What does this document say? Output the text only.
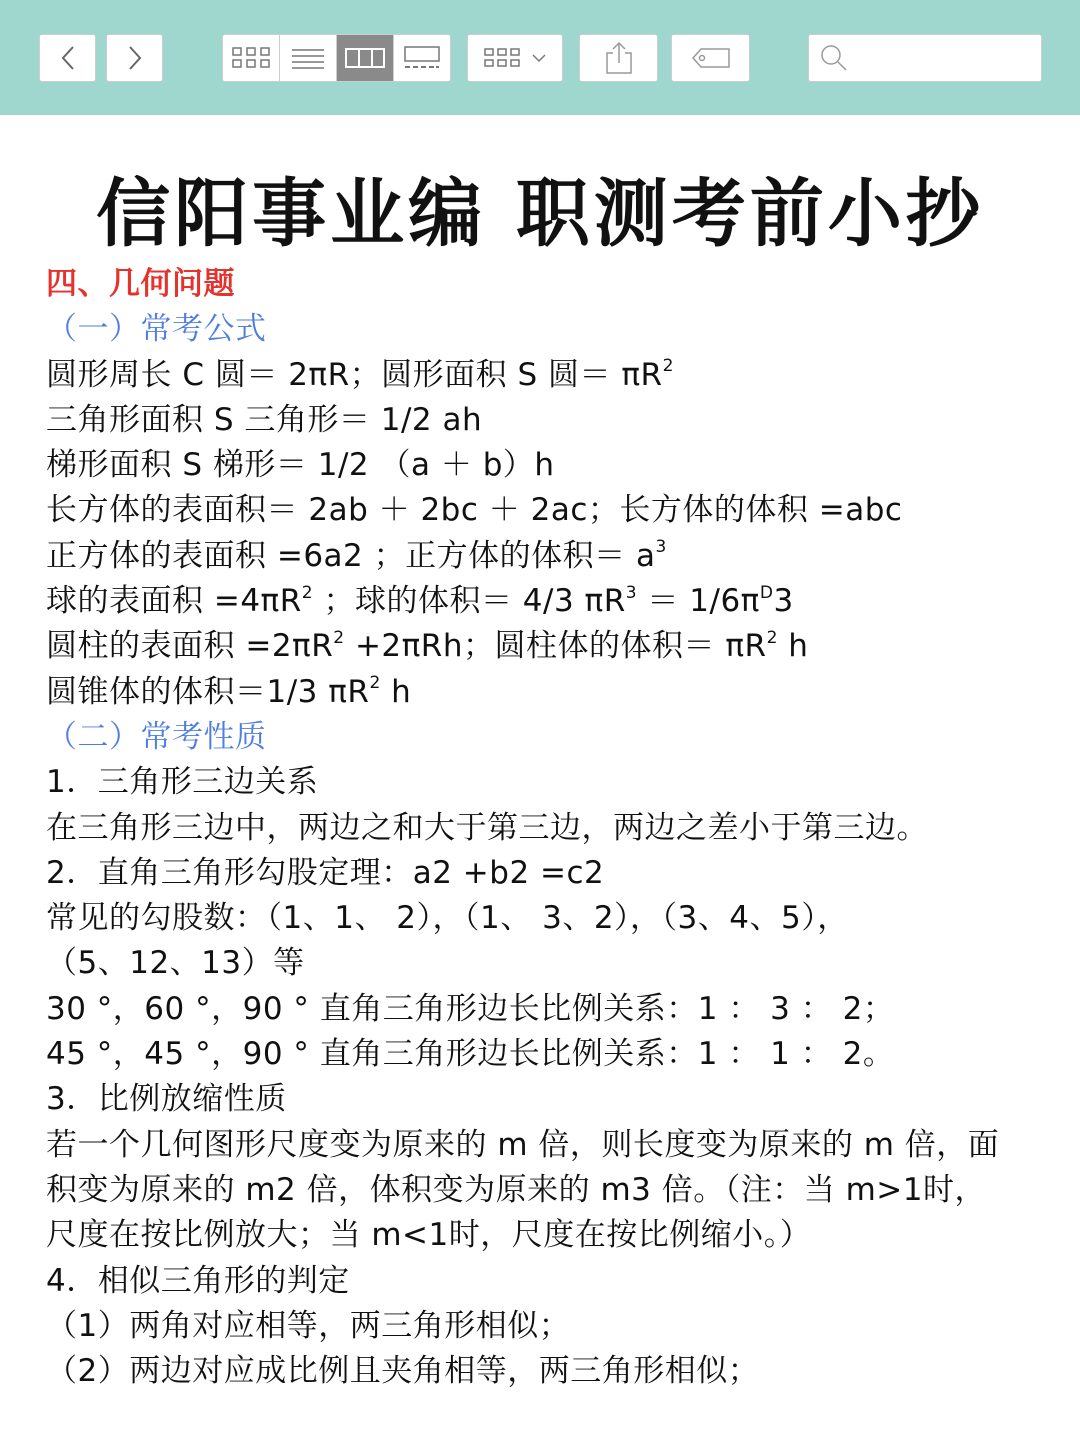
信阳事业编 职测考前小抄
四、几何问题
（一）常考公式
圆形周长 C 圆＝ 2πR；圆形面积 S 圆＝ $\pi R^2$
三角形面积 S 三角形＝ 1/2 ah
梯形面积 S 梯形＝ 1/2 （a ＋ b）h
长方体的表面积＝ 2ab ＋ 2bc ＋ 2ac；长方体的体积 =abc
正方体的表面积 =6a2 ；正方体的体积＝ $a^3$
球的表面积 $=4\pi R^2$ ；球的体积＝ 4/3 $\pi R^3 = 1/6\pi^D3$
圆柱的表面积 $=2\pi R^2 +2\pi Rh$；圆柱体的体积＝ $\pi R^2$ h
圆锥体的体积＝1/3 $\pi R^2$ h
（二）常考性质
1．三角形三边关系
在三角形三边中，两边之和大于第三边，两边之差小于第三边。
2．直角三角形勾股定理：a2 +b2 =c2
常见的勾股数：（1、1、 2），（1、 3、2），（3、4、5），
（5、12、13）等
30 °，60 °，90 ° 直角三角形边长比例关系：1 ： 3 ： 2；
45 °，45 °，90 ° 直角三角形边长比例关系：1 ： 1 ： 2。
3．比例放缩性质
若一个几何图形尺度变为原来的 m 倍，则长度变为原来的 m 倍，面
积变为原来的 m2 倍，体积变为原来的 m3 倍。（注：当 m>1时，
尺度在按比例放大；当 m<1时，尺度在按比例缩小。）
4．相似三角形的判定
（1）两角对应相等，两三角形相似；
（2）两边对应成比例且夹角相等，两三角形相似；
